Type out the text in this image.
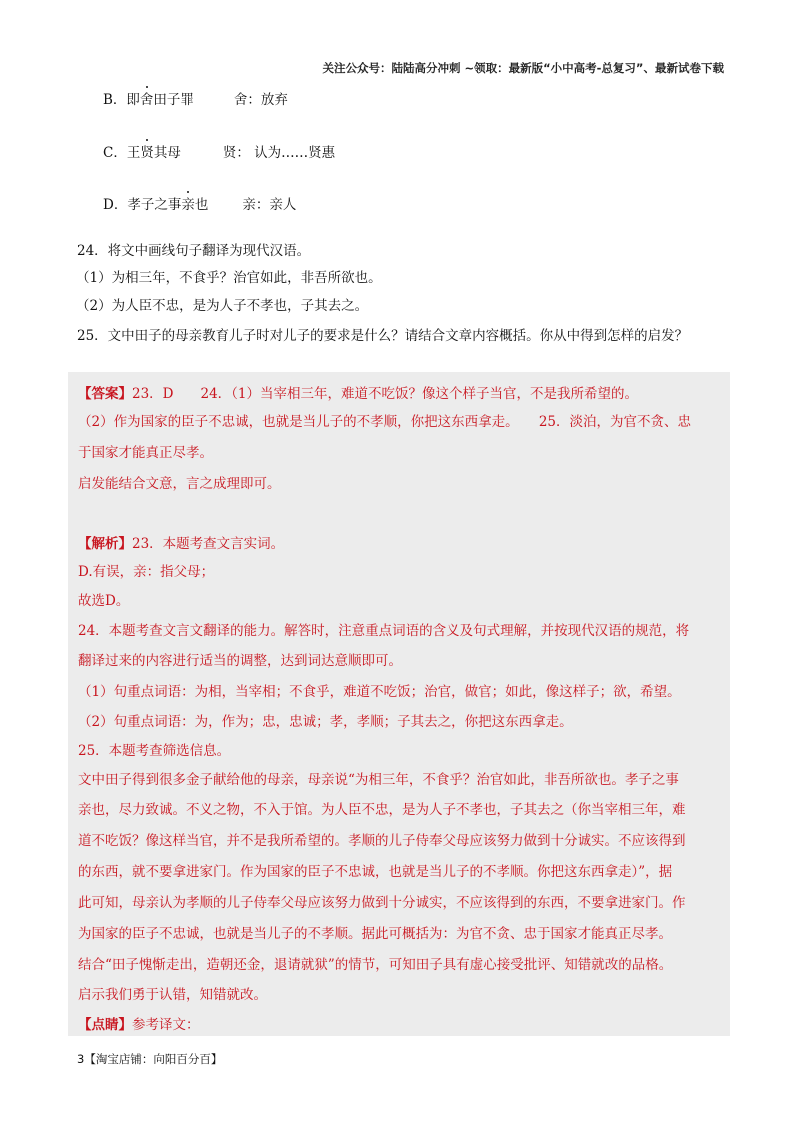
关注公众号：陆陆高分冲刺 ~领取：最新版“小中高考-总复习”、最新试卷下载
B．即舍田子罪	舍：放弃
C．王贤其母	贤： 认为……贤惠
D．孝子之事亲也	亲：亲人
24．将文中画线句子翻译为现代汉语。
（1）为相三年，不食乎？治官如此，非吾所欲也。
（2）为人臣不忠，是为人子不孝也，子其去之。
25．文中田子的母亲教育儿子时对儿子的要求是什么？请结合文章内容概括。你从中得到怎样的启发？
【答案】23．D　　24．（1）当宰相三年，难道不吃饭？像这个样子当官，不是我所希望的。
（2）作为国家的臣子不忠诚，也就是当儿子的不孝顺，你把这东西拿走。　　25．淡泊，为官不贪、忠
于国家才能真正尽孝。
启发能结合文意，言之成理即可。
【解析】23．本题考查文言实词。
D.有误，亲：指父母；
故选D。
24．本题考查文言文翻译的能力。解答时，注意重点词语的含义及句式理解，并按现代汉语的规范，将
翻译过来的内容进行适当的调整，达到词达意顺即可。
（1）句重点词语：为相，当宰相；不食乎，难道不吃饭；治官，做官；如此，像这样子；欲，希望。
（2）句重点词语：为，作为；忠，忠诚；孝，孝顺；子其去之，你把这东西拿走。
25．本题考查筛选信息。
文中田子得到很多金子献给他的母亲，母亲说“为相三年，不食乎？治官如此，非吾所欲也。孝子之事
亲也，尽力致诚。不义之物，不入于馆。为人臣不忠，是为人子不孝也，子其去之（你当宰相三年，难
道不吃饭？像这样当官，并不是我所希望的。孝顺的儿子侍奉父母应该努力做到十分诚实。不应该得到
的东西，就不要拿进家门。作为国家的臣子不忠诚，也就是当儿子的不孝顺。你把这东西拿走）”，据
此可知，母亲认为孝顺的儿子侍奉父母应该努力做到十分诚实，不应该得到的东西，不要拿进家门。作
为国家的臣子不忠诚，也就是当儿子的不孝顺。据此可概括为：为官不贪、忠于国家才能真正尽孝。
结合“田子愧惭走出，造朝还金，退请就狱”的情节，可知田子具有虚心接受批评、知错就改的品格。
启示我们勇于认错，知错就改。
【点睛】参考译文：
3【淘宝店铺：向阳百分百】
